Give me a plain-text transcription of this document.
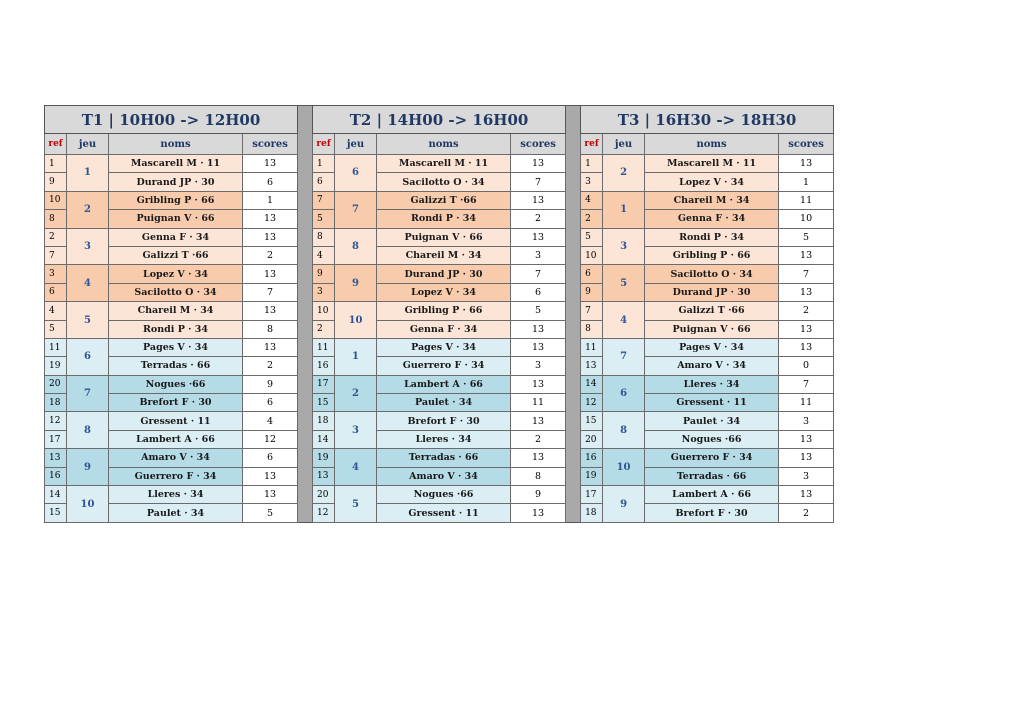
T1 | 10H00 -> 12H00			
ref	jeu	noms	scores
1	1	Mascarell M · 11	13
9		Durand JP · 30	6
10	2	Gribling P · 66	1
8		Puignan V · 66	13
2	3	Genna F · 34	13
7		Galizzi T ·66	2
3	4	Lopez V · 34	13
6		Sacilotto O · 34	7
4	5	Chareil M · 34	13
5		Rondi P · 34	8
11	6	Pages V · 34	13
19		Terradas · 66	2
20	7	Nogues ·66	9
18		Brefort F · 30	6
12	8	Gressent · 11	4
17		Lambert A · 66	12
13	9	Amaro V · 34	6
16		Guerrero F · 34	13
14	10	Lleres · 34	13
15		Paulet · 34	5
T2 | 14H00 -> 16H00			
ref	jeu	noms	scores
1	6	Mascarell M · 11	13
6		Sacilotto O · 34	7
7	7	Galizzi T ·66	13
5		Rondi P · 34	2
8	8	Puignan V · 66	13
4		Chareil M · 34	3
9	9	Durand JP · 30	7
3		Lopez V · 34	6
10	10	Gribling P · 66	5
2		Genna F · 34	13
11	1	Pages V · 34	13
16		Guerrero F · 34	3
17	2	Lambert A · 66	13
15		Paulet · 34	11
18	3	Brefort F · 30	13
14		Lleres · 34	2
19	4	Terradas · 66	13
13		Amaro V · 34	8
20	5	Nogues ·66	9
12		Gressent · 11	13
T3 | 16H30 -> 18H30			
ref	jeu	noms	scores
1	2	Mascarell M · 11	13
3		Lopez V · 34	1
4	1	Chareil M · 34	11
2		Genna F · 34	10
5	3	Rondi P · 34	5
10		Gribling P · 66	13
6	5	Sacilotto O · 34	7
9		Durand JP · 30	13
7	4	Galizzi T ·66	2
8		Puignan V · 66	13
11	7	Pages V · 34	13
13		Amaro V · 34	0
14	6	Lleres · 34	7
12		Gressent · 11	11
15	8	Paulet · 34	3
20		Nogues ·66	13
16	10	Guerrero F · 34	13
19		Terradas · 66	3
17	9	Lambert A · 66	13
18		Brefort F · 30	2
